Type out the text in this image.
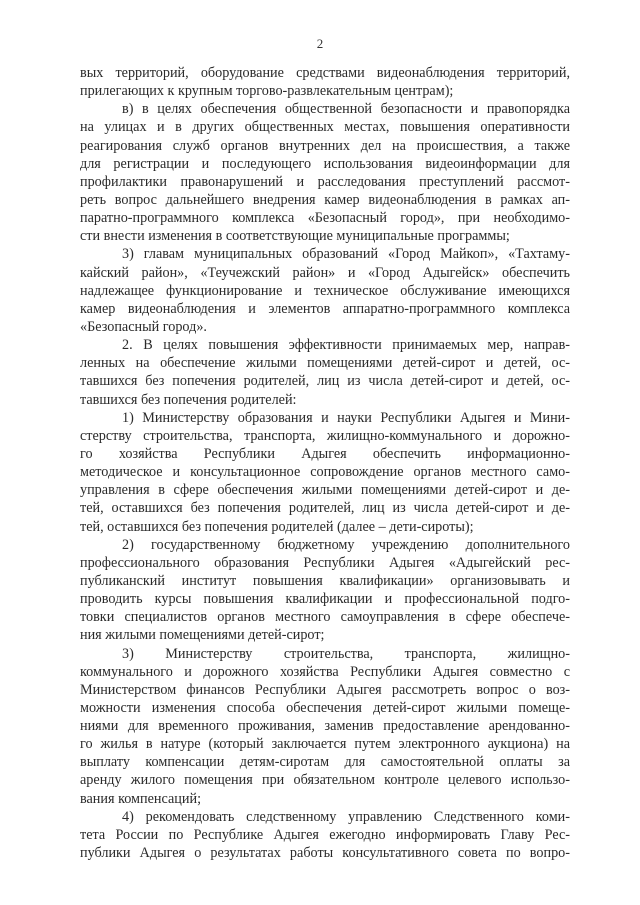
2
вых территорий, оборудование средствами видеонаблюдения территорий,
прилегающих к крупным торгово-развлекательным центрам);
в) в целях обеспечения общественной безопасности и правопорядка
на улицах и в других общественных местах, повышения оперативности
реагирования служб органов внутренних дел на происшествия, а также
для регистрации и последующего использования видеоинформации для
профилактики правонарушений и расследования преступлений рассмот-
реть вопрос дальнейшего внедрения камер видеонаблюдения в рамках ап-
паратно-программного комплекса «Безопасный город», при необходимо-
сти внести изменения в соответствующие муниципальные программы;
3) главам муниципальных образований «Город Майкоп», «Тахтаму-
кайский район», «Теучежский район» и «Город Адыгейск» обеспечить
надлежащее функционирование и техническое обслуживание имеющихся
камер видеонаблюдения и элементов аппаратно-программного комплекса
«Безопасный город».
2. В целях повышения эффективности принимаемых мер, направ-
ленных на обеспечение жилыми помещениями детей-сирот и детей, ос-
тавшихся без попечения родителей, лиц из числа детей-сирот и детей, ос-
тавшихся без попечения родителей:
1) Министерству образования и науки Республики Адыгея и Мини-
стерству строительства, транспорта, жилищно-коммунального и дорожно-
го хозяйства Республики Адыгея обеспечить информационно-
методическое и консультационное сопровождение органов местного само-
управления в сфере обеспечения жилыми помещениями детей-сирот и де-
тей, оставшихся без попечения родителей, лиц из числа детей-сирот и де-
тей, оставшихся без попечения родителей (далее – дети-сироты);
2) государственному бюджетному учреждению дополнительного
профессионального образования Республики Адыгея «Адыгейский рес-
публиканский институт повышения квалификации» организовывать и
проводить курсы повышения квалификации и профессиональной подго-
товки специалистов органов местного самоуправления в сфере обеспече-
ния жилыми помещениями детей-сирот;
3) Министерству строительства, транспорта, жилищно-
коммунального и дорожного хозяйства Республики Адыгея совместно с
Министерством финансов Республики Адыгея рассмотреть вопрос о воз-
можности изменения способа обеспечения детей-сирот жилыми помеще-
ниями для временного проживания, заменив предоставление арендованно-
го жилья в натуре (который заключается путем электронного аукциона) на
выплату компенсации детям-сиротам для самостоятельной оплаты за
аренду жилого помещения при обязательном контроле целевого использо-
вания компенсаций;
4) рекомендовать следственному управлению Следственного коми-
тета России по Республике Адыгея ежегодно информировать Главу Рес-
публики Адыгея о результатах работы консультативного совета по вопро-
